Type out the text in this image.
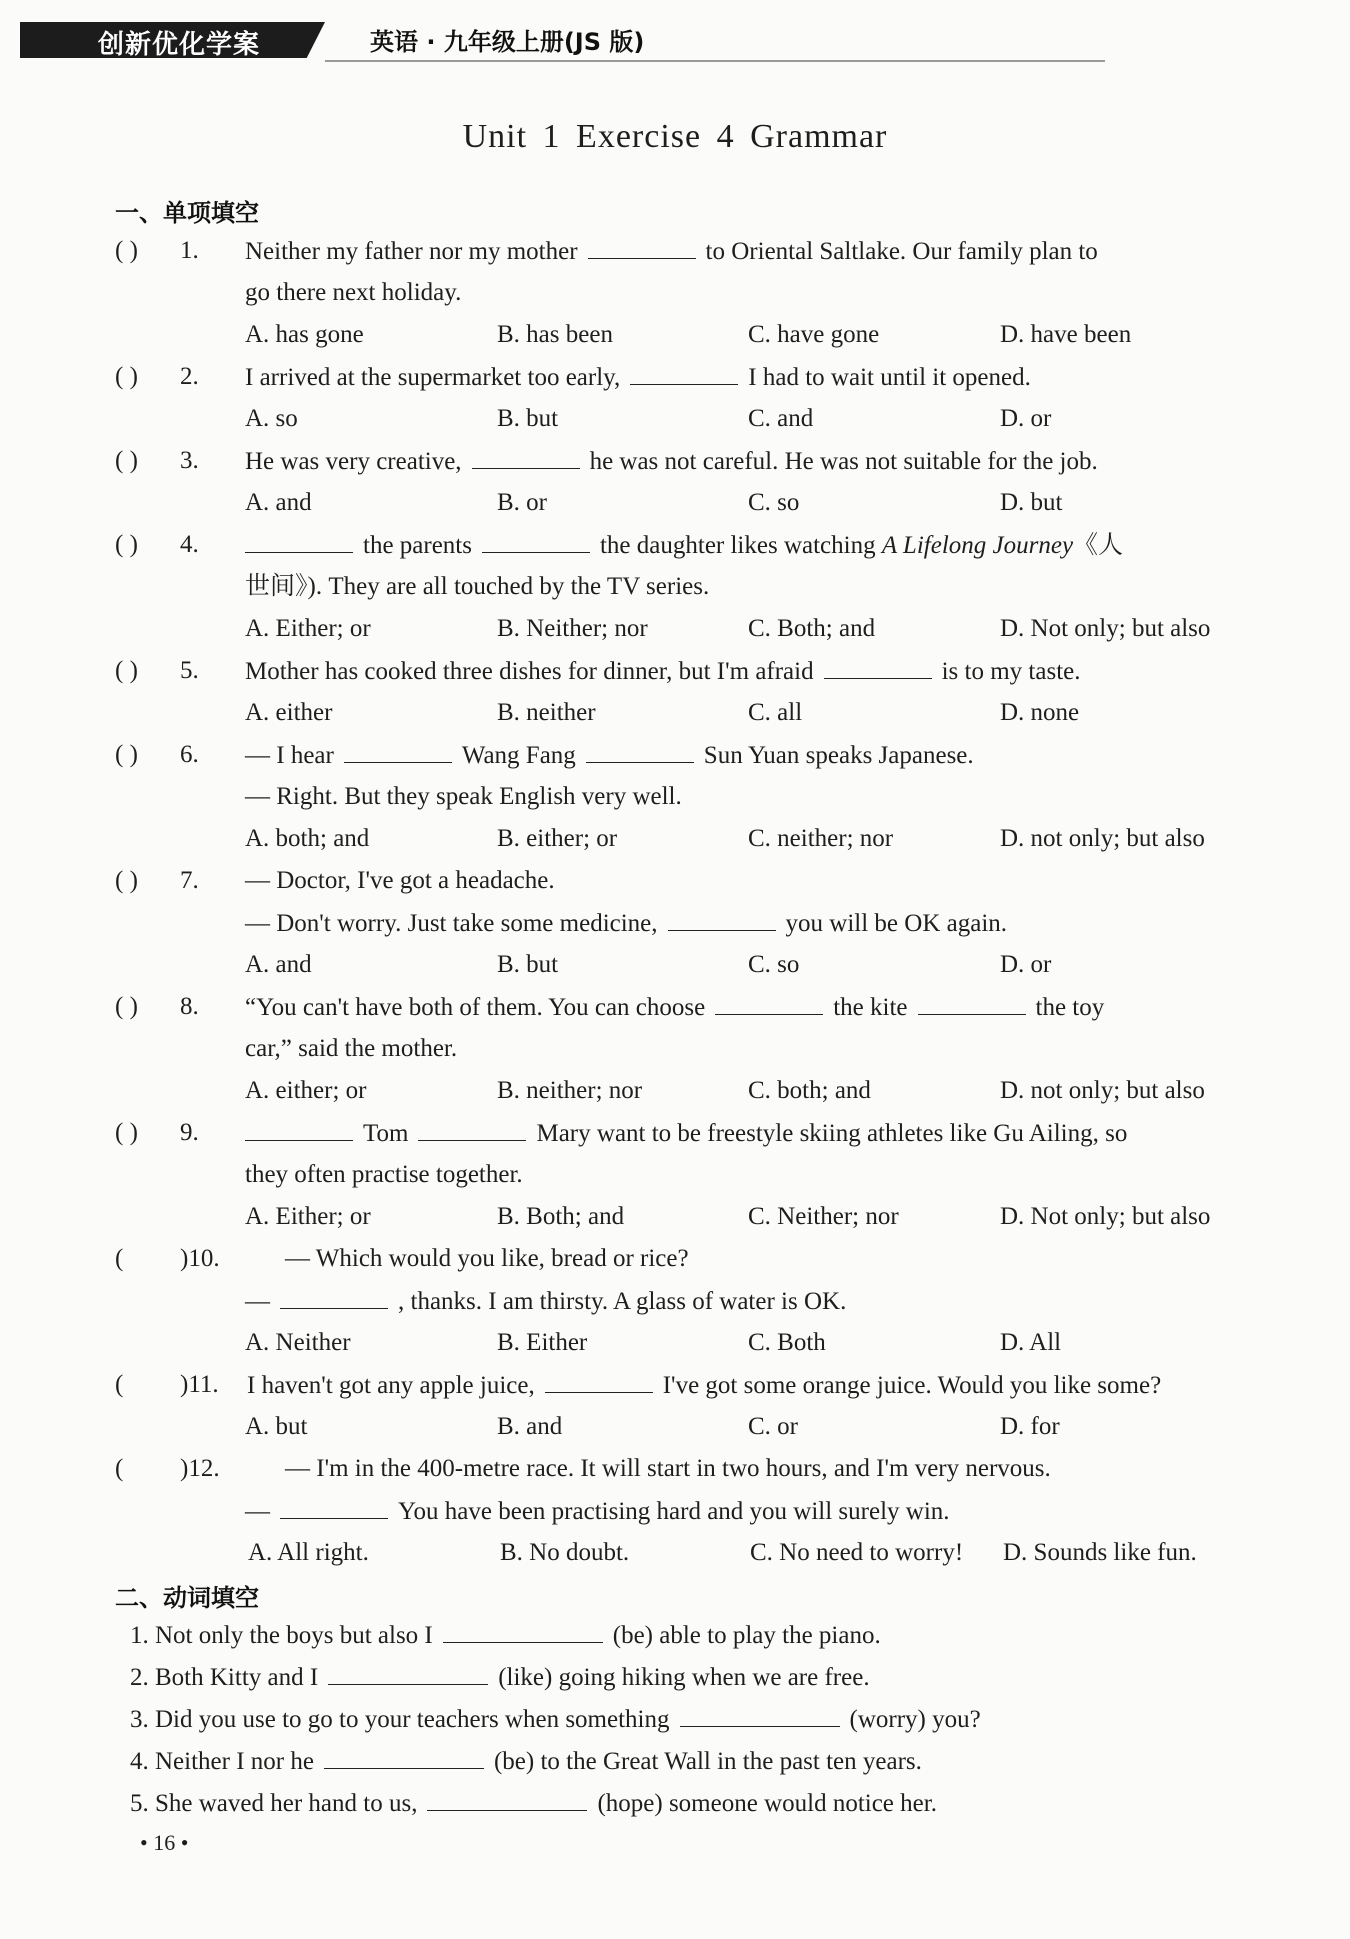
创新优化学案	英语 · 九年级上册(JS 版)
Unit 1 Exercise 4 Grammar
一、单项填空
( ) 1. Neither my father nor my mother	to Oriental Saltlake. Our family plan to
go there next holiday.
A. has gone	B. has been	C. have gone	D. have been
( ) 2. I arrived at the supermarket too early,	I had to wait until it opened.
A. so	B. but	C. and	D. or
( ) 3. He was very creative,	he was not careful. He was not suitable for the job.
A. and	B. or	C. so	D. but
( ) 4.	the parents	the daughter likes watching A Lifelong Journey《人
世间》). They are all touched by the TV series.
A. Either; or	B. Neither; nor	C. Both; and	D. Not only; but also
( ) 5. Mother has cooked three dishes for dinner, but I'm afraid	is to my taste.
A. either	B. neither	C. all	D. none
( ) 6. — I hear	Wang Fang	Sun Yuan speaks Japanese.
— Right. But they speak English very well.
A. both; and	B. either; or	C. neither; nor	D. not only; but also
( ) 7. — Doctor, I've got a headache.
— Don't worry. Just take some medicine,	you will be OK again.
A. and	B. but	C. so	D. or
( ) 8. “You can't have both of them. You can choose	the kite	the toy
car,” said the mother.
A. either; or	B. neither; nor	C. both; and	D. not only; but also
( ) 9.	Tom	Mary want to be freestyle skiing athletes like Gu Ailing, so
they often practise together.
A. Either; or	B. Both; and	C. Neither; nor	D. Not only; but also
( )10.	— Which would you like, bread or rice?
—	, thanks. I am thirsty. A glass of water is OK.
A. Neither	B. Either	C. Both	D. All
( )11. I haven't got any apple juice,	I've got some orange juice. Would you like some?
A. but	B. and	C. or	D. for
( )12.	— I'm in the 400-metre race. It will start in two hours, and I'm very nervous.
—	You have been practising hard and you will surely win.
A. All right.	B. No doubt.	C. No need to worry! D. Sounds like fun.
二、动词填空
1. Not only the boys but also I	(be) able to play the piano.
2. Both Kitty and I	(like) going hiking when we are free.
3. Did you use to go to your teachers when something	(worry) you?
4. Neither I nor he	(be) to the Great Wall in the past ten years.
5. She waved her hand to us,	(hope) someone would notice her.
• 16 •
